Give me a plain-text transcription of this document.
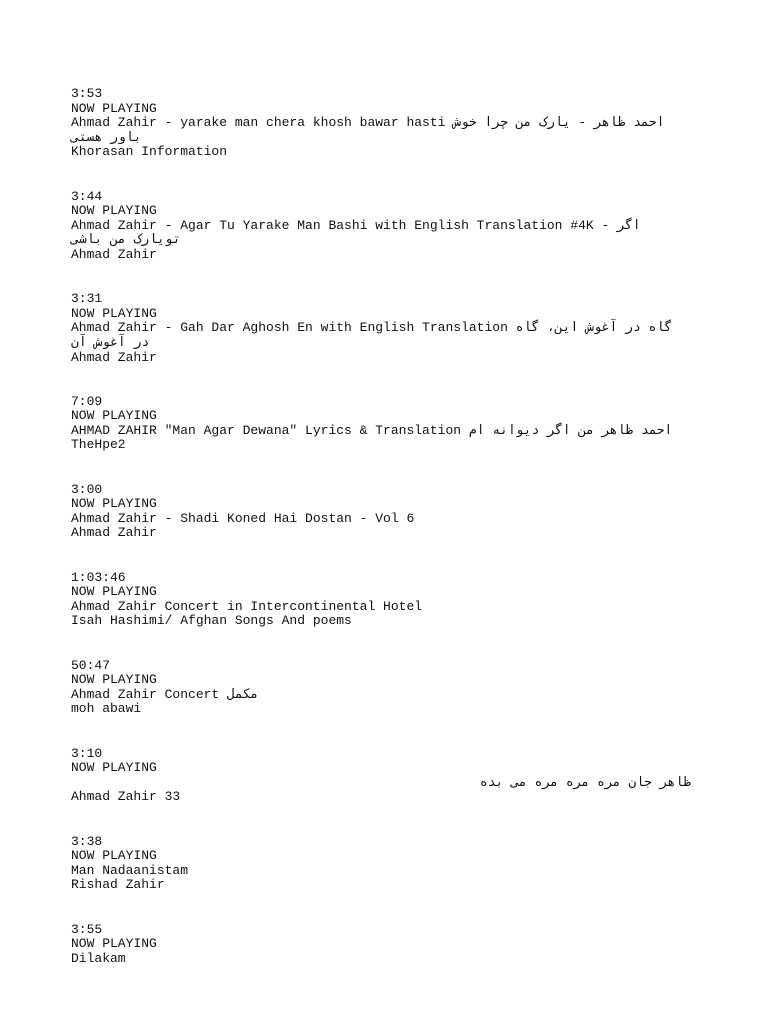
3:53
NOW PLAYING
Ahmad Zahir - yarake man chera khosh bawar hasti احمد ظاهر - یارک من چرا خوش باور هستی
Khorasan Information
3:44
NOW PLAYING
Ahmad Zahir - Agar Tu Yarake Man Bashi with English Translation #4K - اگر تویارک من باشی
Ahmad Zahir
3:31
NOW PLAYING
Ahmad Zahir - Gah Dar Aghosh En with English Translation گاه در آغوش این، گاه در آغوش آن
Ahmad Zahir
7:09
NOW PLAYING
AHMAD ZAHIR "Man Agar Dewana" Lyrics & Translation احمد ظاهر من اگر دیوانه ام
TheHpe2
3:00
NOW PLAYING
Ahmad Zahir - Shadi Koned Hai Dostan - Vol 6
Ahmad Zahir
1:03:46
NOW PLAYING
Ahmad Zahir Concert in Intercontinental Hotel
Isah Hashimi/ Afghan Songs And poems
50:47
NOW PLAYING
Ahmad Zahir Concert مکمل
moh abawi
3:10
NOW PLAYING
ظاهر جان مره مره مره می بده
Ahmad Zahir 33
3:38
NOW PLAYING
Man Nadaanistam
Rishad Zahir
3:55
NOW PLAYING
Dilakam
